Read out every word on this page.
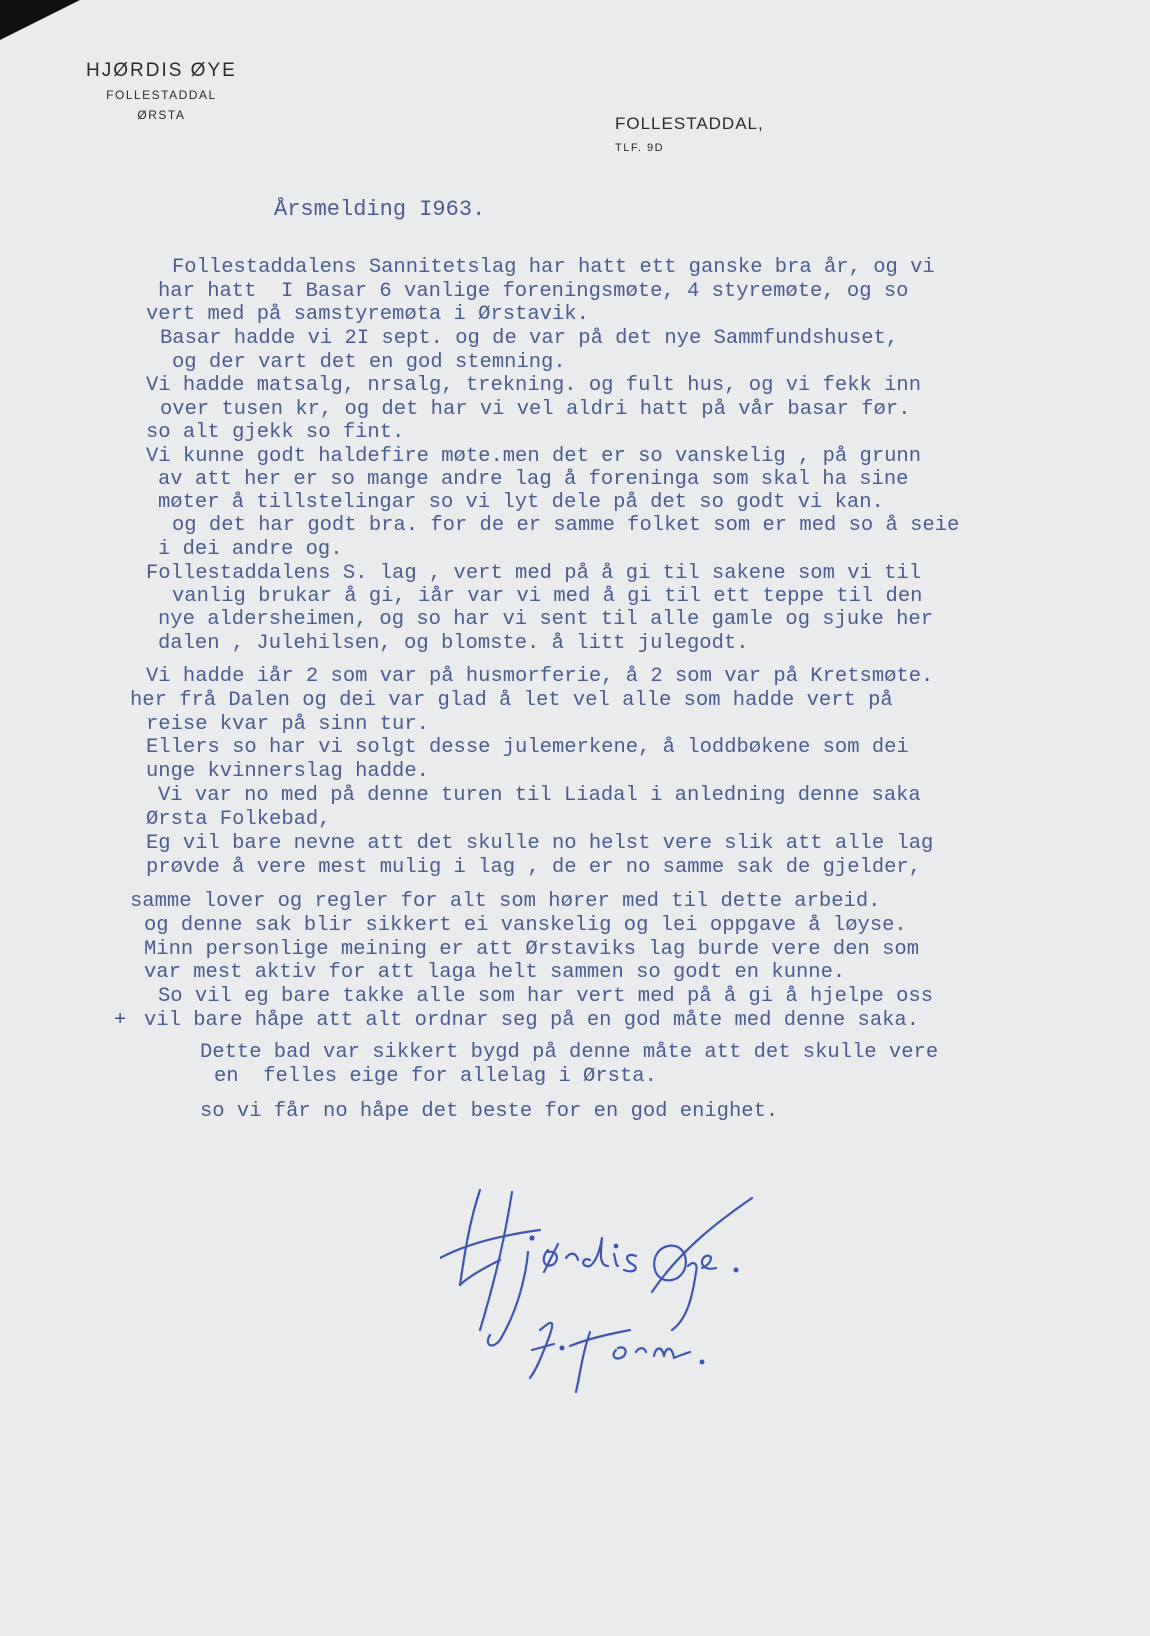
HJØRDIS ØYE
FOLLESTADDAL
ØRSTA	FOLLESTADDAL,
TLF. 9D
Årsmelding I963.
Follestaddalens Sannitetslag har hatt ett ganske bra år, og vi
har hatt  I Basar 6 vanlige foreningsmøte, 4 styremøte, og so
vert med på samstyremøta i Ørstavik.
Basar hadde vi 2I sept. og de var på det nye Sammfundshuset,
og der vart det en god stemning.
Vi hadde matsalg, nrsalg, trekning. og fult hus, og vi fekk inn
over tusen kr, og det har vi vel aldri hatt på vår basar før.
so alt gjekk so fint.
Vi kunne godt haldefire møte.men det er so vanskelig , på grunn
av att her er so mange andre lag å foreninga som skal ha sine
møter å tillstelingar so vi lyt dele på det so godt vi kan.
og det har godt bra. for de er samme folket som er med so å seie
i dei andre og.
Follestaddalens S. lag , vert med på å gi til sakene som vi til
vanlig brukar å gi, iår var vi med å gi til ett teppe til den
nye aldersheimen, og so har vi sent til alle gamle og sjuke her
dalen , Julehilsen, og blomste. å litt julegodt.
Vi hadde iår 2 som var på husmorferie, å 2 som var på Kretsmøte.
her frå Dalen og dei var glad å let vel alle som hadde vert på
reise kvar på sinn tur.
Ellers so har vi solgt desse julemerkene, å loddbøkene som dei
unge kvinnerslag hadde.
Vi var no med på denne turen til Liadal i anledning denne saka
Ørsta Folkebad,
Eg vil bare nevne att det skulle no helst vere slik att alle lag
prøvde å vere mest mulig i lag , de er no samme sak de gjelder,
samme lover og regler for alt som hører med til dette arbeid.
og denne sak blir sikkert ei vanskelig og lei oppgave å løyse.
Minn personlige meining er att Ørstaviks lag burde vere den som
var mest aktiv for att laga helt sammen so godt en kunne.
So vil eg bare takke alle som har vert med på å gi å hjelpe oss
+ vil bare håpe att alt ordnar seg på en god måte med denne saka.
Dette bad var sikkert bygd på denne måte att det skulle vere
en  felles eige for allelag i Ørsta.
so vi får no håpe det beste for en god enighet.
